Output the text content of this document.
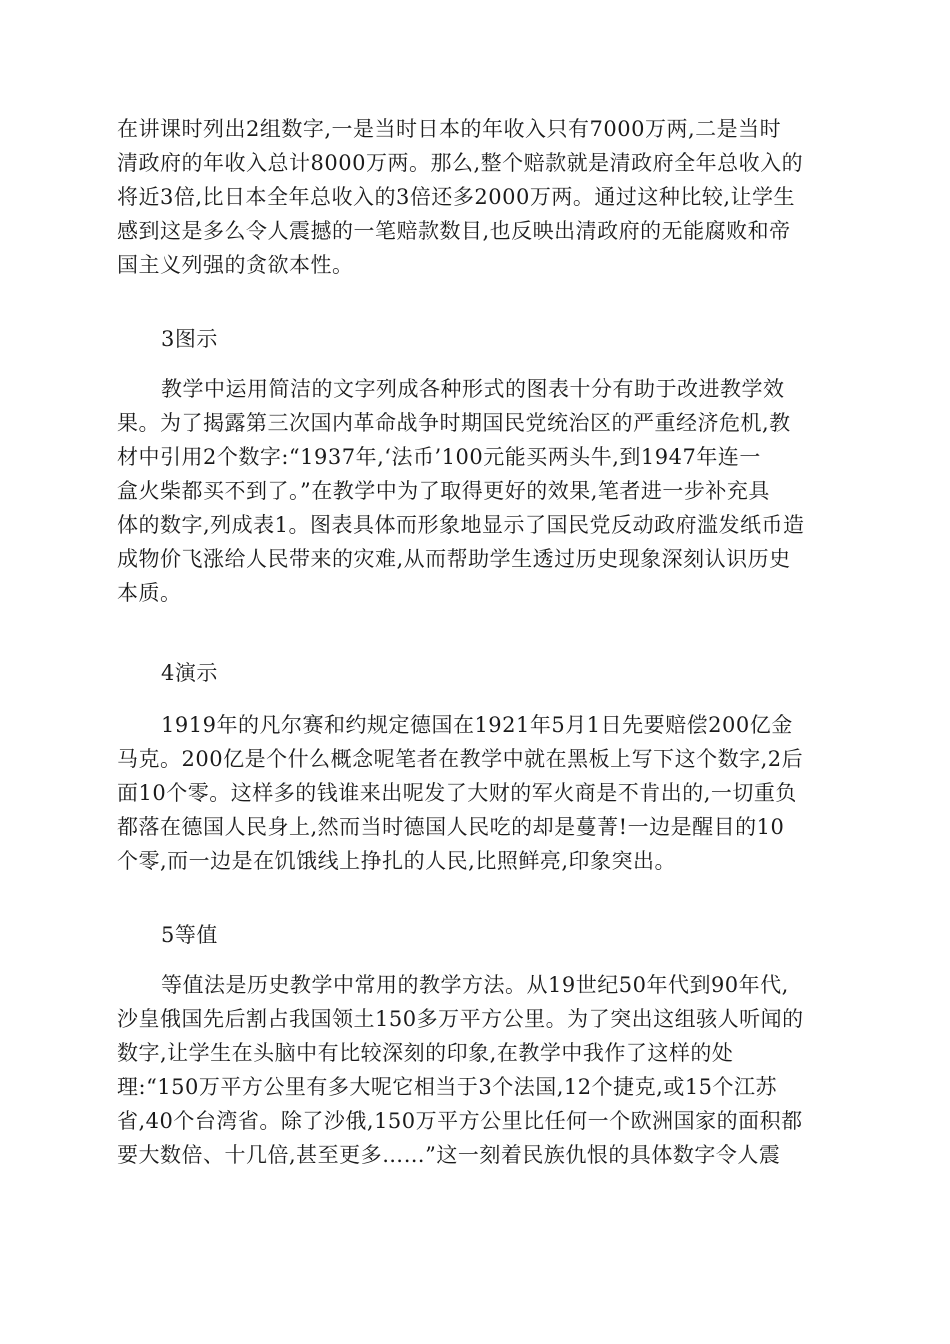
在讲课时列出2组数字,一是当时日本的年收入只有7000万两,二是当时
清政府的年收入总计8000万两。那么,整个赔款就是清政府全年总收入的
将近3倍,比日本全年总收入的3倍还多2000万两。通过这种比较,让学生
感到这是多么令人震撼的一笔赔款数目,也反映出清政府的无能腐败和帝
国主义列强的贪欲本性。
3图示
教学中运用简洁的文字列成各种形式的图表十分有助于改进教学效
果。为了揭露第三次国内革命战争时期国民党统治区的严重经济危机,教
材中引用2个数字:“1937年,‘法币’100元能买两头牛,到1947年连一
盒火柴都买不到了。”在教学中为了取得更好的效果,笔者进一步补充具
体的数字,列成表1。图表具体而形象地显示了国民党反动政府滥发纸币造
成物价飞涨给人民带来的灾难,从而帮助学生透过历史现象深刻认识历史
本质。
4演示
1919年的凡尔赛和约规定德国在1921年5月1日先要赔偿200亿金
马克。200亿是个什么概念呢笔者在教学中就在黑板上写下这个数字,2后
面10个零。这样多的钱谁来出呢发了大财的军火商是不肯出的,一切重负
都落在德国人民身上,然而当时德国人民吃的却是蔓菁!一边是醒目的10
个零,而一边是在饥饿线上挣扎的人民,比照鲜亮,印象突出。
5等值
等值法是历史教学中常用的教学方法。从19世纪50年代到90年代,
沙皇俄国先后割占我国领土150多万平方公里。为了突出这组骇人听闻的
数字,让学生在头脑中有比较深刻的印象,在教学中我作了这样的处
理:“150万平方公里有多大呢它相当于3个法国,12个捷克,或15个江苏
省,40个台湾省。除了沙俄,150万平方公里比任何一个欧洲国家的面积都
要大数倍、十几倍,甚至更多……”这一刻着民族仇恨的具体数字令人震
